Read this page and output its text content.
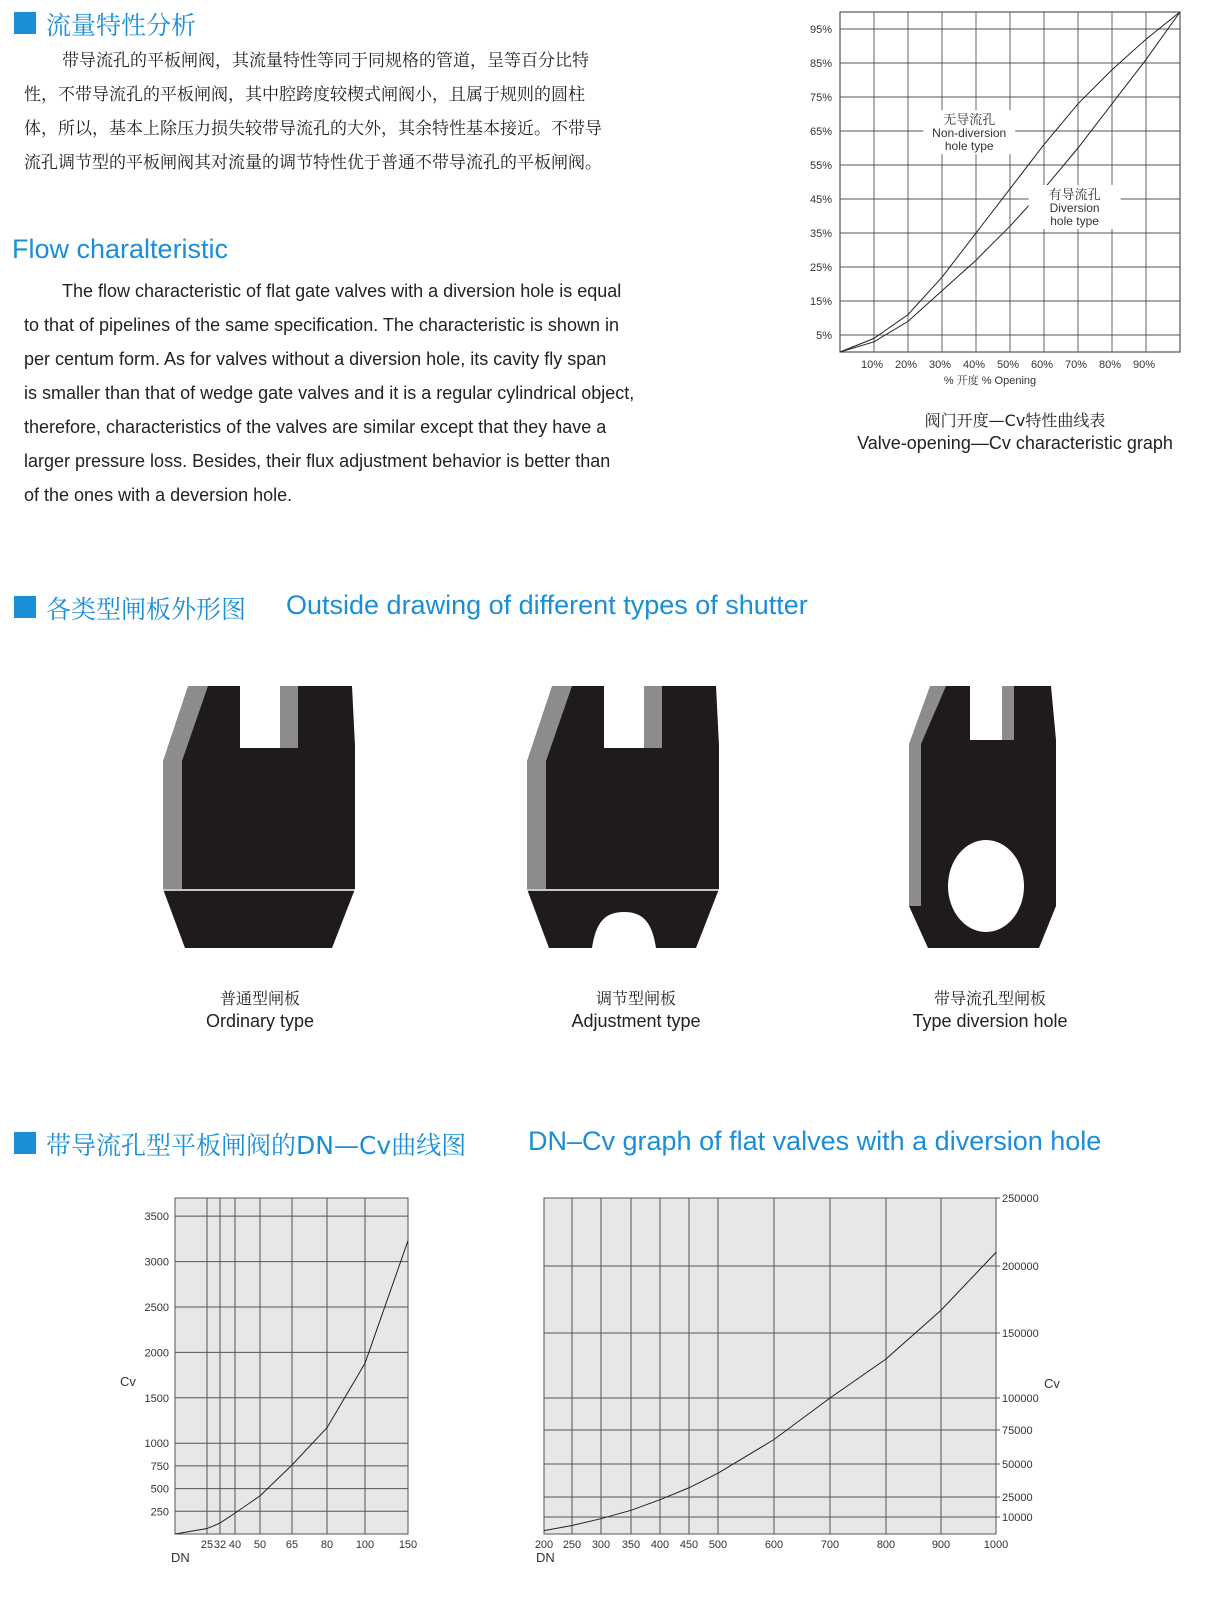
流量特性分析

带导流孔的平板闸阀，其流量特性等同于同规格的管道，呈等百分比特
性，不带导流孔的平板闸阀，其中腔跨度较楔式闸阀小，且属于规则的圆柱
体，所以，基本上除压力损失较带导流孔的大外，其余特性基本接近。不带导
流孔调节型的平板闸阀其对流量的调节特性优于普通不带导流孔的平板闸阀。

Flow charalteristic

The flow characteristic of flat gate valves with a diversion hole is equal
to that of pipelines of the same specification. The characteristic is shown in
per centum form. As for valves without a diversion hole, its cavity fly span
is smaller than that of wedge gate valves and it is a regular cylindrical object,
therefore, characteristics of the valves are similar except that they have a
larger pressure loss. Besides, their flux adjustment behavior is better than
of the ones with a deversion hole.

10% 20% 30% 40% 50% 60% 70% 80% 90%
5%
15%
25%
35%
45%
55%
65%
75%
85%
95%
无导流孔
Non-diversion
hole type
有导流孔
Diversion
hole type
% 开度 % Opening
阀门开度—Cv特性曲线表
Valve-opening—Cv characteristic graph
各类型闸板外形图 Outside drawing of different types of shutter
普通型闸板
Ordinary type
调节型闸板
Adjustment type
带导流孔型闸板
Type diversion hole
带导流孔型平板闸阀的DN—Cv曲线图 DN–Cv graph of flat valves with a diversion hole
25 32 40 50 65 80 100 150
250
500
750
1000
1500
2000
2500
3000
3500
Cv
DN
200 250 300 350 400 450 500	600	700	800	900	1000
10000
25000
50000
75000
100000
150000
200000
250000
Cv
DN
